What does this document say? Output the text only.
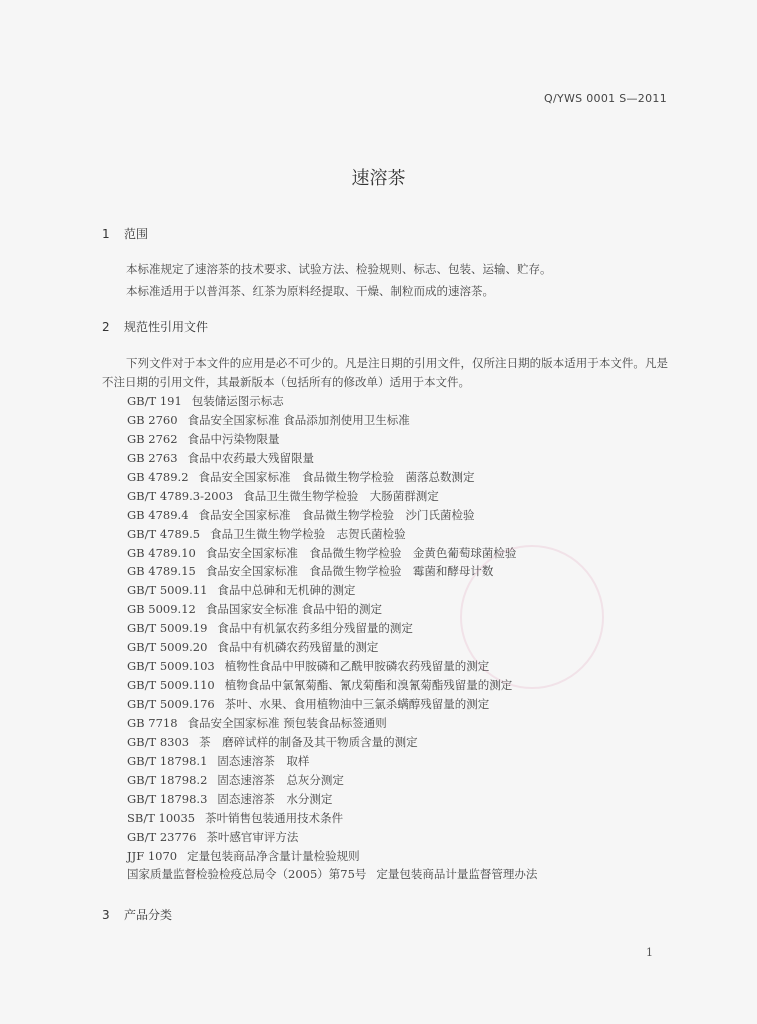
Q/YWS 0001 S—2011
速溶茶
1 范围
本标准规定了速溶茶的技术要求、试验方法、检验规则、标志、包装、运输、贮存。
本标准适用于以普洱茶、红茶为原料经提取、干燥、制粒而成的速溶茶。
2 规范性引用文件
下列文件对于本文件的应用是必不可少的。凡是注日期的引用文件，仅所注日期的版本适用于本文件。凡是不注日期的引用文件，其最新版本（包括所有的修改单）适用于本文件。
GB/T 191 包装储运图示标志
GB 2760 食品安全国家标准 食品添加剂使用卫生标准
GB 2762 食品中污染物限量
GB 2763 食品中农药最大残留限量
GB 4789.2 食品安全国家标准　食品微生物学检验　菌落总数测定
GB/T 4789.3-2003 食品卫生微生物学检验　大肠菌群测定
GB 4789.4 食品安全国家标准　食品微生物学检验　沙门氏菌检验
GB/T 4789.5 食品卫生微生物学检验　志贺氏菌检验
GB 4789.10 食品安全国家标准　食品微生物学检验　金黄色葡萄球菌检验
GB 4789.15 食品安全国家标准　食品微生物学检验　霉菌和酵母计数
GB/T 5009.11 食品中总砷和无机砷的测定
GB 5009.12 食品国家安全标准 食品中铅的测定
GB/T 5009.19 食品中有机氯农药多组分残留量的测定
GB/T 5009.20 食品中有机磷农药残留量的测定
GB/T 5009.103 植物性食品中甲胺磷和乙酰甲胺磷农药残留量的测定
GB/T 5009.110 植物食品中氯氰菊酯、氰戊菊酯和溴氰菊酯残留量的测定
GB/T 5009.176 茶叶、水果、食用植物油中三氯杀螨醇残留量的测定
GB 7718 食品安全国家标准 预包装食品标签通则
GB/T 8303 茶　磨碎试样的制备及其干物质含量的测定
GB/T 18798.1 固态速溶茶　取样
GB/T 18798.2 固态速溶茶　总灰分测定
GB/T 18798.3 固态速溶茶　水分测定
SB/T 10035 茶叶销售包装通用技术条件
GB/T 23776 茶叶感官审评方法
JJF 1070 定量包装商品净含量计量检验规则
国家质量监督检验检疫总局令（2005）第75号 定量包装商品计量监督管理办法
3 产品分类
1
